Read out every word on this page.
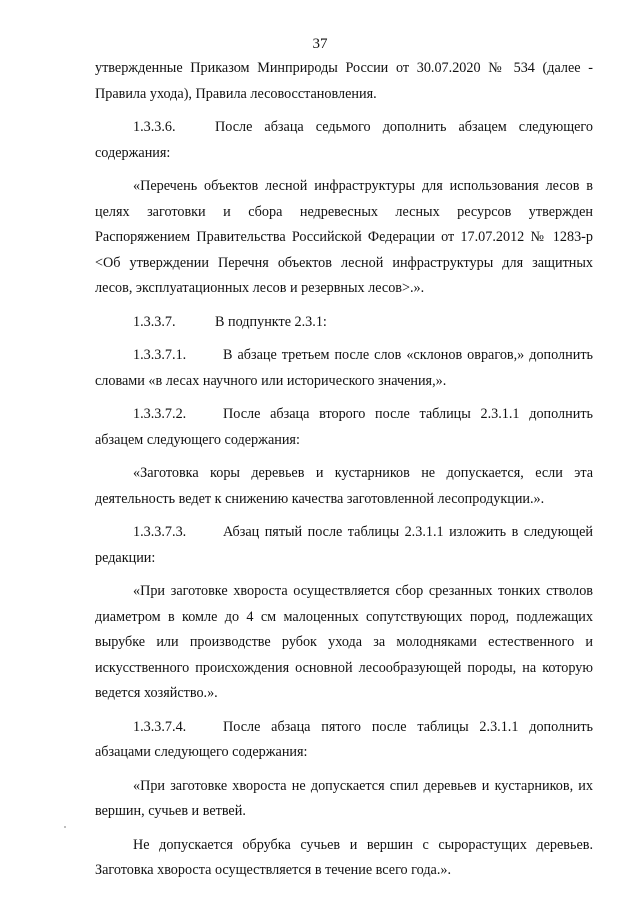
37

утвержденные Приказом Минприроды России от 30.07.2020 № 534 (далее - Правила ухода), Правила лесовосстановления.

1.3.3.6.	После абзаца седьмого дополнить абзацем следующего содержания:

«Перечень объектов лесной инфраструктуры для использования лесов в целях заготовки и сбора недревесных лесных ресурсов утвержден Распоряжением Правительства Российской Федерации от 17.07.2012 № 1283-р <Об утверждении Перечня объектов лесной инфраструктуры для защитных лесов, эксплуатационных лесов и резервных лесов>.».

1.3.3.7.	В подпункте 2.3.1:

1.3.3.7.1.	В абзаце третьем после слов «склонов оврагов,» дополнить словами «в лесах научного или исторического значения,».

1.3.3.7.2.	После абзаца второго после таблицы 2.3.1.1 дополнить абзацем следующего содержания:

«Заготовка коры деревьев и кустарников не допускается, если эта деятельность ведет к снижению качества заготовленной лесопродукции.».

1.3.3.7.3.	Абзац пятый после таблицы 2.3.1.1 изложить в следующей редакции:

«При заготовке хвороста осуществляется сбор срезанных тонких стволов диаметром в комле до 4 см малоценных сопутствующих пород, подлежащих вырубке или производстве рубок ухода за молодняками естественного и искусственного происхождения основной лесообразующей породы, на которую ведется хозяйство.».

1.3.3.7.4.	После абзаца пятого после таблицы 2.3.1.1 дополнить абзацами следующего содержания:

«При заготовке хвороста не допускается спил деревьев и кустарников, их вершин, сучьев и ветвей.

Не допускается обрубка сучьев и вершин с сырорастущих деревьев. Заготовка хвороста осуществляется в течение всего года.».
